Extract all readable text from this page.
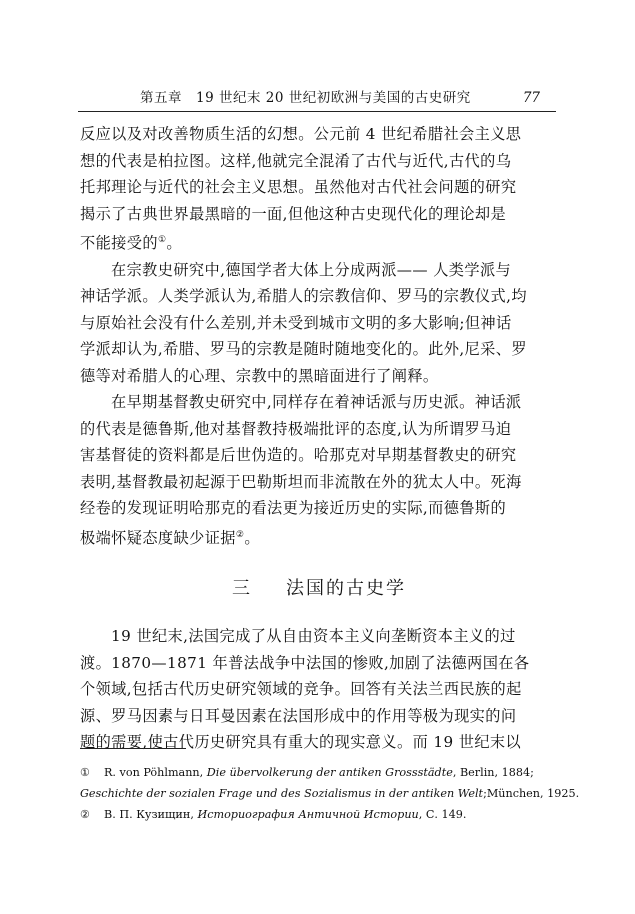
第五章　19 世纪末 20 世纪初欧洲与美国的古史研究	77
反应以及对改善物质生活的幻想。公元前 4 世纪希腊社会主义思
想的代表是柏拉图。这样,他就完全混淆了古代与近代,古代的乌
托邦理论与近代的社会主义思想。虽然他对古代社会问题的研究
揭示了古典世界最黑暗的一面,但他这种古史现代化的理论却是
不能接受的①。
在宗教史研究中,德国学者大体上分成两派—— 人类学派与
神话学派。人类学派认为,希腊人的宗教信仰、罗马的宗教仪式,均
与原始社会没有什么差别,并未受到城市文明的多大影响;但神话
学派却认为,希腊、罗马的宗教是随时随地变化的。此外,尼采、罗
德等对希腊人的心理、宗教中的黑暗面进行了阐释。
在早期基督教史研究中,同样存在着神话派与历史派。神话派
的代表是德鲁斯,他对基督教持极端批评的态度,认为所谓罗马迫
害基督徒的资料都是后世伪造的。哈那克对早期基督教史的研究
表明,基督教最初起源于巴勒斯坦而非流散在外的犹太人中。死海
经卷的发现证明哈那克的看法更为接近历史的实际,而德鲁斯的
极端怀疑态度缺少证据②。
三 法国的古史学
19 世纪末,法国完成了从自由资本主义向垄断资本主义的过
渡。1870—1871 年普法战争中法国的惨败,加剧了法德两国在各
个领域,包括古代历史研究领域的竞争。回答有关法兰西民族的起
源、罗马因素与日耳曼因素在法国形成中的作用等极为现实的问
题的需要,使古代历史研究具有重大的现实意义。而 19 世纪末以
① R. von Pöhlmann, Die übervolkerung der antiken Grossstädte, Berlin, 1884;
Geschichte der sozialen Frage und des Sozialismus in der antiken Welt;München, 1925.
② В. П. Кузищин, Историография Античной Истории, С. 149.
